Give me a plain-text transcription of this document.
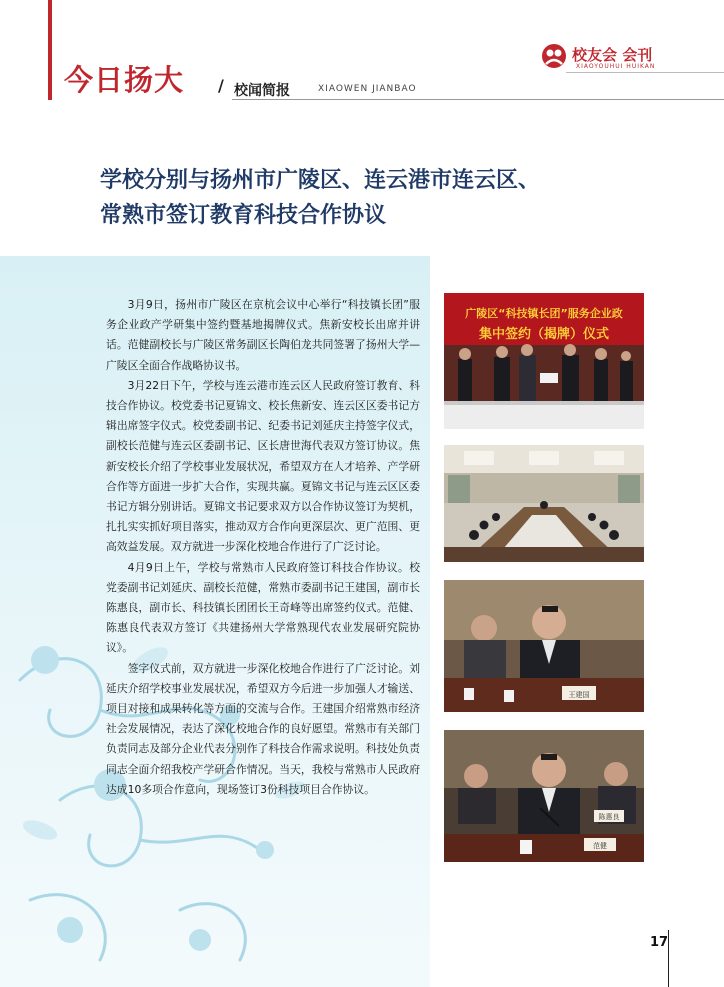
今日扬大 / 校闻简报	XIAOWEN JIANBAO
校友会 会刊
XIAOYOUHUI HUIKAN
学校分别与扬州市广陵区、连云港市连云区、
常熟市签订教育科技合作协议

3月9日，扬州市广陵区在京杭会议中心举行“科技镇长团”服务企业政产学研集中签约暨基地揭牌仪式。焦新安校长出席并讲话。范健副校长与广陵区常务副区长陶伯龙共同签署了扬州大学—广陵区全面合作战略协议书。

3月22日下午，学校与连云港市连云区人民政府签订教育、科技合作协议。校党委书记夏锦文、校长焦新安、连云区区委书记方辑出席签字仪式。校党委副书记、纪委书记刘延庆主持签字仪式，副校长范健与连云区委副书记、区长唐世海代表双方签订协议。焦新安校长介绍了学校事业发展状况，希望双方在人才培养、产学研合作等方面进一步扩大合作，实现共赢。夏锦文书记与连云区区委书记方辑分别讲话。夏锦文书记要求双方以合作协议签订为契机，扎扎实实抓好项目落实，推动双方合作向更深层次、更广范围、更高效益发展。双方就进一步深化校地合作进行了广泛讨论。

4月9日上午，学校与常熟市人民政府签订科技合作协议。校党委副书记刘延庆、副校长范健，常熟市委副书记王建国，副市长陈惠良，副市长、科技镇长团团长王奇峰等出席签约仪式。范健、陈惠良代表双方签订《共建扬州大学常熟现代农业发展研究院协议》。

签字仪式前，双方就进一步深化校地合作进行了广泛讨论。刘延庆介绍学校事业发展状况，希望双方今后进一步加强人才输送、项目对接和成果转化等方面的交流与合作。王建国介绍常熟市经济社会发展情况，表达了深化校地合作的良好愿望。常熟市有关部门负责同志及部分企业代表分别作了科技合作需求说明。科技处负责同志全面介绍我校产学研合作情况。当天，我校与常熟市人民政府达成10多项合作意向，现场签订3份科技项目合作协议。

广陵区“科技镇长团”服务企业政
集中签约（揭牌）仪式
王建国
范健
陈惠良
17
